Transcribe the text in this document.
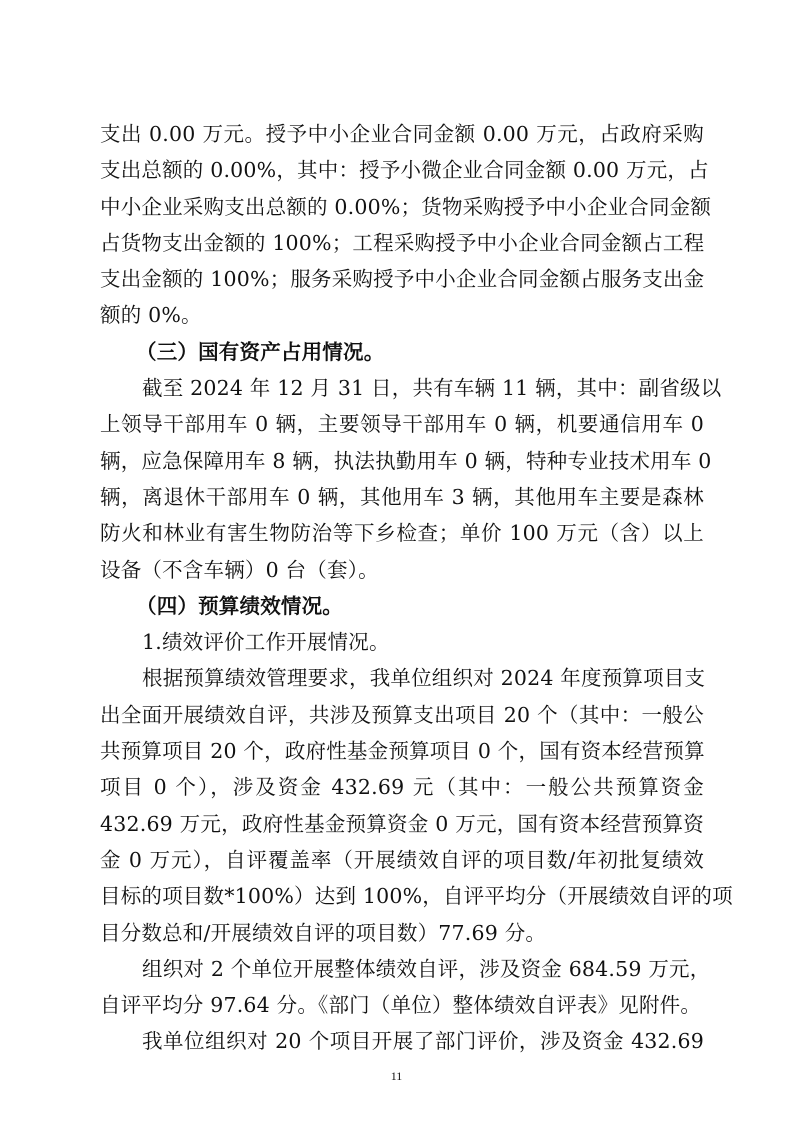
支出 0.00 万元。授予中小企业合同金额 0.00 万元，占政府采购
支出总额的 0.00%，其中：授予小微企业合同金额 0.00 万元，占
中小企业采购支出总额的 0.00%；货物采购授予中小企业合同金额
占货物支出金额的 100%；工程采购授予中小企业合同金额占工程
支出金额的 100%；服务采购授予中小企业合同金额占服务支出金
额的 0%。
（三）国有资产占用情况。
截至 2024 年 12 月 31 日，共有车辆 11 辆，其中：副省级以
上领导干部用车 0 辆，主要领导干部用车 0 辆，机要通信用车 0
辆，应急保障用车 8 辆，执法执勤用车 0 辆，特种专业技术用车 0
辆，离退休干部用车 0 辆，其他用车 3 辆，其他用车主要是森林
防火和林业有害生物防治等下乡检查；单价 100 万元（含）以上
设备（不含车辆）0 台（套）。
（四）预算绩效情况。
1.绩效评价工作开展情况。
根据预算绩效管理要求，我单位组织对 2024 年度预算项目支
出全面开展绩效自评，共涉及预算支出项目 20 个（其中：一般公
共预算项目 20 个，政府性基金预算项目 0 个，国有资本经营预算
项目 0 个），涉及资金 432.69 元（其中：一般公共预算资金
432.69 万元，政府性基金预算资金 0 万元，国有资本经营预算资
金 0 万元），自评覆盖率（开展绩效自评的项目数/年初批复绩效
目标的项目数*100%）达到 100%，自评平均分（开展绩效自评的项
目分数总和/开展绩效自评的项目数）77.69 分。
组织对 2 个单位开展整体绩效自评，涉及资金 684.59 万元，
自评平均分 97.64 分。《部门（单位）整体绩效自评表》见附件。
我单位组织对 20 个项目开展了部门评价，涉及资金 432.69
11
